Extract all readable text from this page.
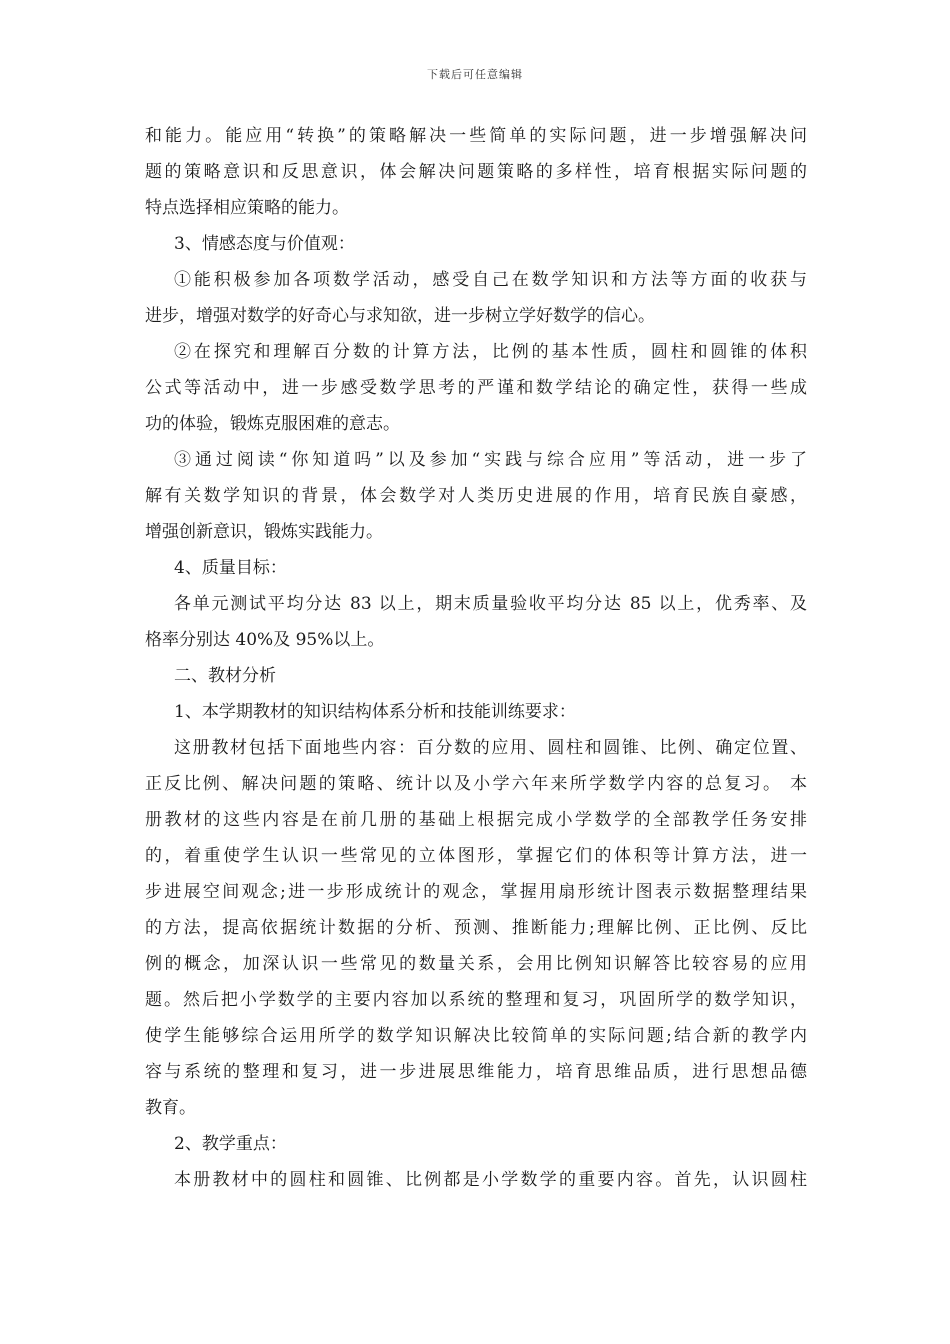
下载后可任意编辑
和能力。能应用“转换”的策略解决一些简单的实际问题，进一步增强解决问
题的策略意识和反思意识，体会解决问题策略的多样性，培育根据实际问题的
特点选择相应策略的能力。
3、情感态度与价值观：
①能积极参加各项数学活动，感受自己在数学知识和方法等方面的收获与
进步，增强对数学的好奇心与求知欲，进一步树立学好数学的信心。
②在探究和理解百分数的计算方法，比例的基本性质，圆柱和圆锥的体积
公式等活动中，进一步感受数学思考的严谨和数学结论的确定性，获得一些成
功的体验，锻炼克服困难的意志。
③通过阅读“你知道吗”以及参加“实践与综合应用”等活动，进一步了
解有关数学知识的背景，体会数学对人类历史进展的作用，培育民族自豪感，
增强创新意识，锻炼实践能力。
4、质量目标：
各单元测试平均分达 83 以上，期末质量验收平均分达 85 以上，优秀率、及
格率分别达 40%及 95%以上。
二、教材分析
1、本学期教材的知识结构体系分析和技能训练要求：
这册教材包括下面地些内容：百分数的应用、圆柱和圆锥、比例、确定位置、
正反比例、解决问题的策略、统计以及小学六年来所学数学内容的总复习。 本
册教材的这些内容是在前几册的基础上根据完成小学数学的全部教学任务安排
的，着重使学生认识一些常见的立体图形，掌握它们的体积等计算方法，进一
步进展空间观念;进一步形成统计的观念，掌握用扇形统计图表示数据整理结果
的方法，提高依据统计数据的分析、预测、推断能力;理解比例、正比例、反比
例的概念，加深认识一些常见的数量关系，会用比例知识解答比较容易的应用
题。然后把小学数学的主要内容加以系统的整理和复习，巩固所学的数学知识，
使学生能够综合运用所学的数学知识解决比较简单的实际问题;结合新的教学内
容与系统的整理和复习，进一步进展思维能力，培育思维品质，进行思想品德
教育。
2、教学重点：
本册教材中的圆柱和圆锥、比例都是小学数学的重要内容。首先，认识圆柱
